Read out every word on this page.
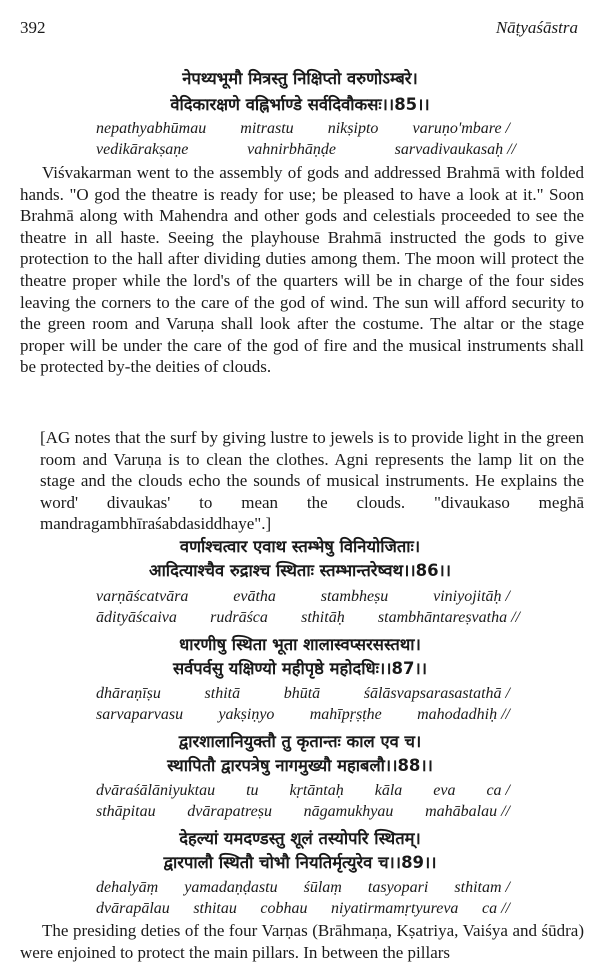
392	Nāṭyaśāstra
नेपथ्यभूमौ मित्रस्तु निक्षिप्तो वरुणोऽम्बरे।
वेदिकारक्षणे वह्निर्भाण्डे सर्वदिवौकसः।।85।।
nepathyabhūmau mitrastu nikṣipto varuṇo'mbare /
vedikārakṣaṇe	vahnirbhāṇḍe	sarvadivaukasaḥ //

Viśvakarman went to the assembly of gods and addressed Brahmā with folded hands. "O god the theatre is ready for use; be pleased to have a look at it." Soon Brahmā along with Mahendra and other gods and celestials proceeded to see the theatre in all haste. Seeing the playhouse Brahmā instructed the gods to give protection to the hall after dividing duties among them. The moon will protect the theatre proper while the lord's of the quarters will be in charge of the four sides leaving the corners to the care of the god of wind. The sun will afford security to the green room and Varuṇa shall look after the costume. The altar or the stage proper will be under the care of the god of fire and the musical instruments shall be protected by-the deities of clouds.

[AG notes that the surf by giving lustre to jewels is to provide light in the green room and Varuṇa is to clean the clothes. Agni represents the lamp lit on the stage and the clouds echo the sounds of musical instruments. He explains the word' divaukas' to mean the clouds. "divaukaso meghā mandragambhīraśabdasiddhaye".]

वर्णाश्चत्वार एवाथ स्तम्भेषु विनियोजिताः।
आदित्याश्चैव रुद्राश्च स्थिताः स्तम्भान्तरेष्वथ।।86।।
varṇāścatvāra	evātha	stambheṣu	viniyojitāḥ /
ādityāścaiva rudrāśca sthitāḥ stambhāntareṣvatha //
धारणीषु स्थिता भूता शालास्वप्सरसस्तथा।
सर्वपर्वसु यक्षिण्यो महीपृष्ठे महोदधिः।।87।।
dhāraṇīṣu	sthitā	bhūtā	śālāsvapsarasastathā /
sarvaparvasu yakṣiṇyo mahīpṛṣṭhe mahodadhiḥ //
द्वारशालानियुक्तौ तु कृतान्तः काल एव च।
स्थापितौ द्वारपत्रेषु नागमुख्यौ महाबलौ।।88।।
dvāraśālāniyuktau tu kṛtāntaḥ kāla eva ca /
sthāpitau dvārapatreṣu nāgamukhyau mahābalau //
देहल्यां यमदण्डस्तु शूलं तस्योपरि स्थितम्।
द्वारपालौ स्थितौ चोभौ नियतिर्मृत्युरेव च।।89।।
dehalyāṃ yamadaṇḍastu śūlaṃ tasyopari sthitam /
dvārapālau sthitau cobhau niyatirmamṛtyureva ca //

The presiding deties of the four Varṇas (Brāhmaṇa, Kṣatriya, Vaiśya and śūdra) were enjoined to protect the main pillars. In between the pillars
